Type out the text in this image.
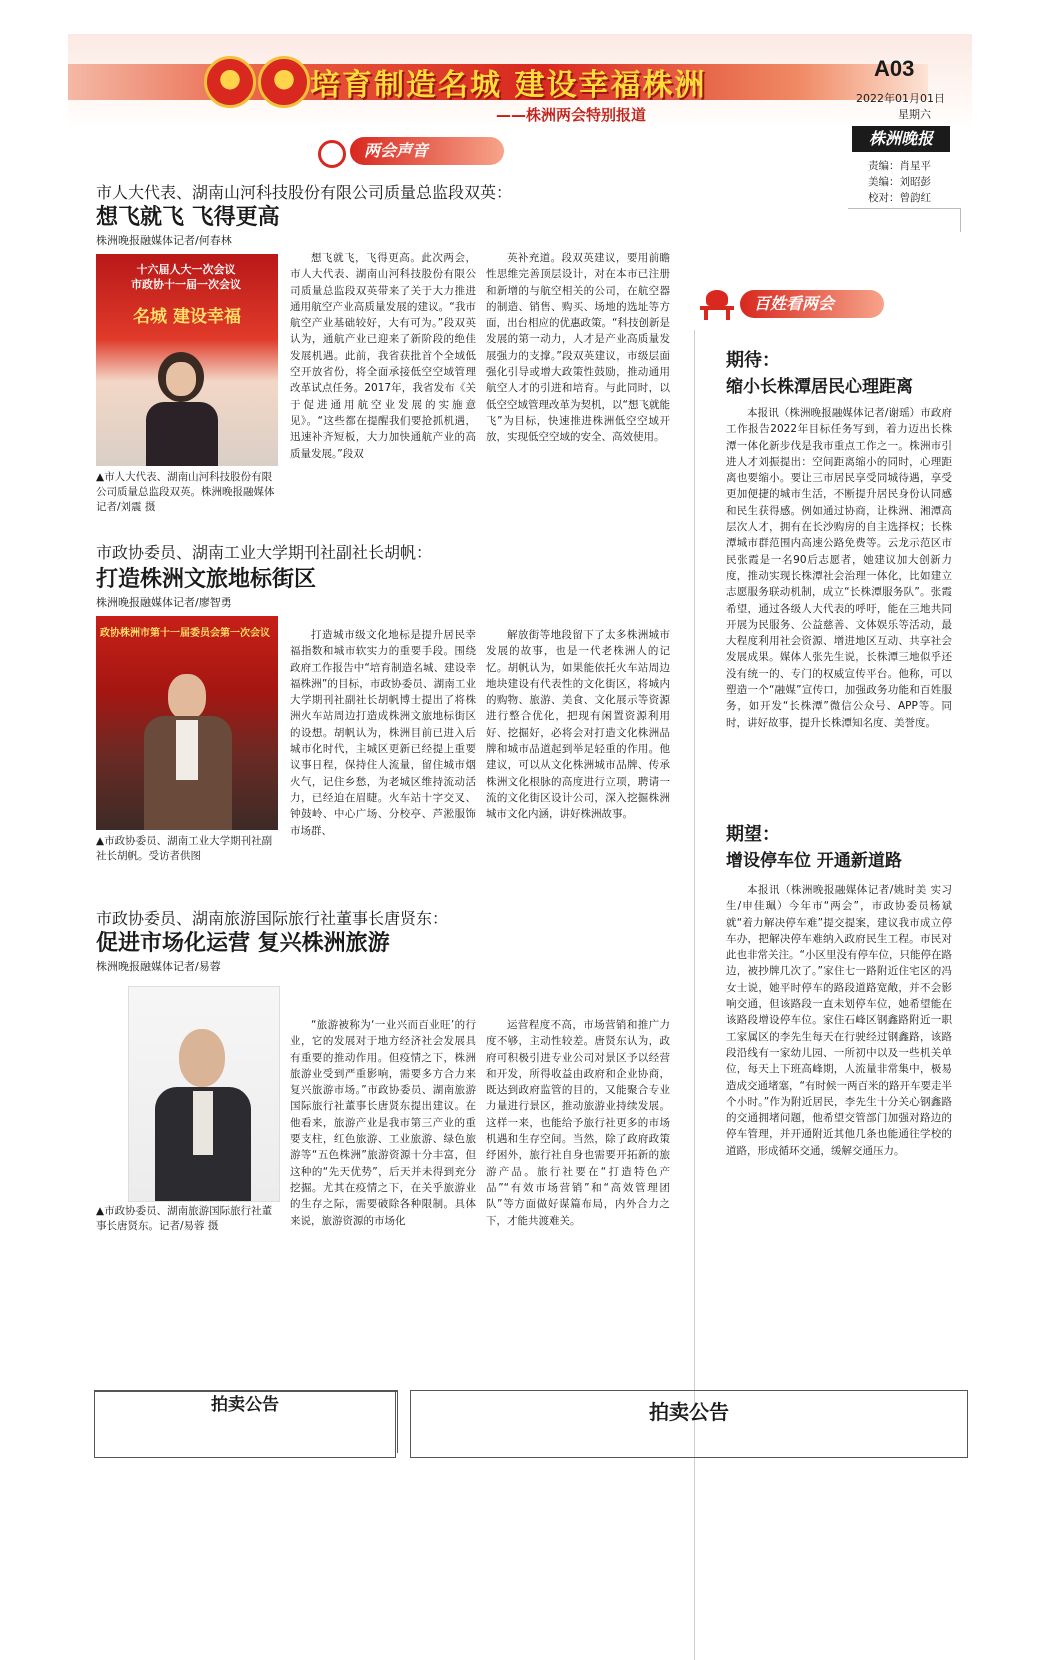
培育制造名城 建设幸福株洲
——株洲两会特别报道
A03
2022年01月01日
星期六
株洲晚报
责编：肖星平
美编：刘昭彭
校对：曾韵红
两会声音
市人大代表、湖南山河科技股份有限公司质量总监段双英：
想飞就飞 飞得更高
株洲晚报融媒体记者/何春林
十六届人大一次会议
市政协十一届一次会议
名城 建设幸福
▲市人大代表、湖南山河科技股份有限公司质量总监段双英。株洲晚报融媒体记者/刘震 摄
想飞就飞，飞得更高。此次两会，市人大代表、湖南山河科技股份有限公司质量总监段双英带来了关于大力推进通用航空产业高质量发展的建议。“我市航空产业基础较好，大有可为。”段双英认为，通航产业已迎来了新阶段的绝佳发展机遇。此前，我省获批首个全域低空开放省份，将全面承接低空空域管理改革试点任务。2017年，我省发布《关于促进通用航空业发展的实施意见》。“这些都在提醒我们要抢抓机遇，迅速补齐短板，大力加快通航产业的高质量发展。”段双
英补充道。段双英建议，要用前瞻性思维完善顶层设计，对在本市已注册和新增的与航空相关的公司，在航空器的制造、销售、购买、场地的选址等方面，出台相应的优惠政策。“科技创新是发展的第一动力，人才是产业高质量发展强力的支撑。”段双英建议，市级层面强化引导或增大政策性鼓励，推动通用航空人才的引进和培育。与此同时，以低空空域管理改革为契机，以“想飞就能飞”为目标，快速推进株洲低空空域开放，实现低空空域的安全、高效使用。
市政协委员、湖南工业大学期刊社副社长胡帆：
打造株洲文旅地标街区
株洲晚报融媒体记者/廖智勇
政协株洲市第十一届委员会第一次会议
▲市政协委员、湖南工业大学期刊社副社长胡帆。受访者供图
打造城市级文化地标是提升居民幸福指数和城市软实力的重要手段。围绕政府工作报告中“培育制造名城、建设幸福株洲”的目标，市政协委员、湖南工业大学期刊社副社长胡帆博士提出了将株洲火车站周边打造成株洲文旅地标街区的设想。胡帆认为，株洲目前已进入后城市化时代，主城区更新已经提上重要议事日程，保持住人流量，留住城市烟火气，记住乡愁，为老城区维持流动活力，已经迫在眉睫。火车站十字交叉、钟鼓岭、中心广场、分校亭、芦淞服饰市场群、
解放街等地段留下了太多株洲城市发展的故事，也是一代老株洲人的记忆。胡帆认为，如果能依托火车站周边地块建设有代表性的文化街区，将城内的购物、旅游、美食、文化展示等资源进行整合优化，把现有闲置资源利用好、挖掘好，必将会对打造文化株洲品牌和城市品道起到举足轻重的作用。他建议，可以从文化株洲城市品牌、传承株洲文化根脉的高度进行立项，聘请一流的文化街区设计公司，深入挖掘株洲城市文化内涵，讲好株洲故事。
市政协委员、湖南旅游国际旅行社董事长唐贤东：
促进市场化运营 复兴株洲旅游
株洲晚报融媒体记者/易蓉
▲市政协委员、湖南旅游国际旅行社董事长唐贤东。记者/易蓉 摄
“旅游被称为‘一业兴而百业旺’的行业，它的发展对于地方经济社会发展具有重要的推动作用。但疫情之下，株洲旅游业受到严重影响，需要多方合力来复兴旅游市场。”市政协委员、湖南旅游国际旅行社董事长唐贤东提出建议。在他看来，旅游产业是我市第三产业的重要支柱，红色旅游、工业旅游、绿色旅游等“五色株洲”旅游资源十分丰富，但这种的“先天优势”，后天并未得到充分挖掘。尤其在疫情之下，在关乎旅游业的生存之际，需要破除各种限制。具体来说，旅游资源的市场化
运营程度不高，市场营销和推广力度不够，主动性较差。唐贤东认为，政府可积极引进专业公司对景区予以经营和开发，所得收益由政府和企业协商，既达到政府监管的目的，又能聚合专业力量进行景区，推动旅游业持续发展。这样一来，也能给予旅行社更多的市场机遇和生存空间。当然，除了政府政策纾困外，旅行社自身也需要开拓新的旅游产品。旅行社要在“打造特色产品”“有效市场营销”和“高效管理团队”等方面做好谋篇布局，内外合力之下，才能共渡难关。
百姓看两会
期待：
缩小长株潭居民心理距离
本报讯（株洲晚报融媒体记者/谢瑶）市政府工作报告2022年目标任务写到，着力迈出长株潭一体化新步伐是我市重点工作之一。株洲市引进人才刘振提出：空间距离缩小的同时，心理距离也要缩小。要让三市居民享受同城待遇，享受更加便捷的城市生活，不断提升居民身份认同感和民生获得感。例如通过协商，让株洲、湘潭高层次人才，拥有在长沙购房的自主选择权；长株潭城市群范围内高速公路免费等。云龙示范区市民张霞是一名90后志愿者，她建议加大创新力度，推动实现长株潭社会治理一体化，比如建立志愿服务联动机制，成立“长株潭服务队”。张霞希望，通过各级人大代表的呼吁，能在三地共同开展为民服务、公益慈善、文体娱乐等活动，最大程度利用社会资源、增进地区互动、共享社会发展成果。媒体人张先生说，长株潭三地似乎还没有统一的、专门的权威宣传平台。他称，可以塑造一个“融媒”宣传口，加强政务功能和百姓服务，如开发“长株潭”微信公众号、APP等。同时，讲好故事，提升长株潭知名度、美誉度。
期望：
增设停车位 开通新道路
本报讯（株洲晚报融媒体记者/姚时美 实习生/申佳珮）今年市“两会”，市政协委员杨斌就“着力解决停车难”提交提案，建议我市成立停车办，把解决停车难纳入政府民生工程。市民对此也非常关注。“小区里没有停车位，只能停在路边，被抄牌几次了。”家住七一路附近住宅区的冯女士说，她平时停车的路段道路宽敞，并不会影响交通，但该路段一直未划停车位，她希望能在该路段增设停车位。家住石峰区钢鑫路附近一职工家属区的李先生每天在行驶经过钢鑫路，该路段沿线有一家幼儿园、一所初中以及一些机关单位，每天上下班高峰期，人流量非常集中，极易造成交通堵塞，“有时候一两百米的路开车要走半个小时。”作为附近居民，李先生十分关心钢鑫路的交通拥堵问题，他希望交管部门加强对路边的停车管理，并开通附近其他几条也能通往学校的道路，形成循环交通，缓解交通压力。
拍卖公告	拍卖公告
